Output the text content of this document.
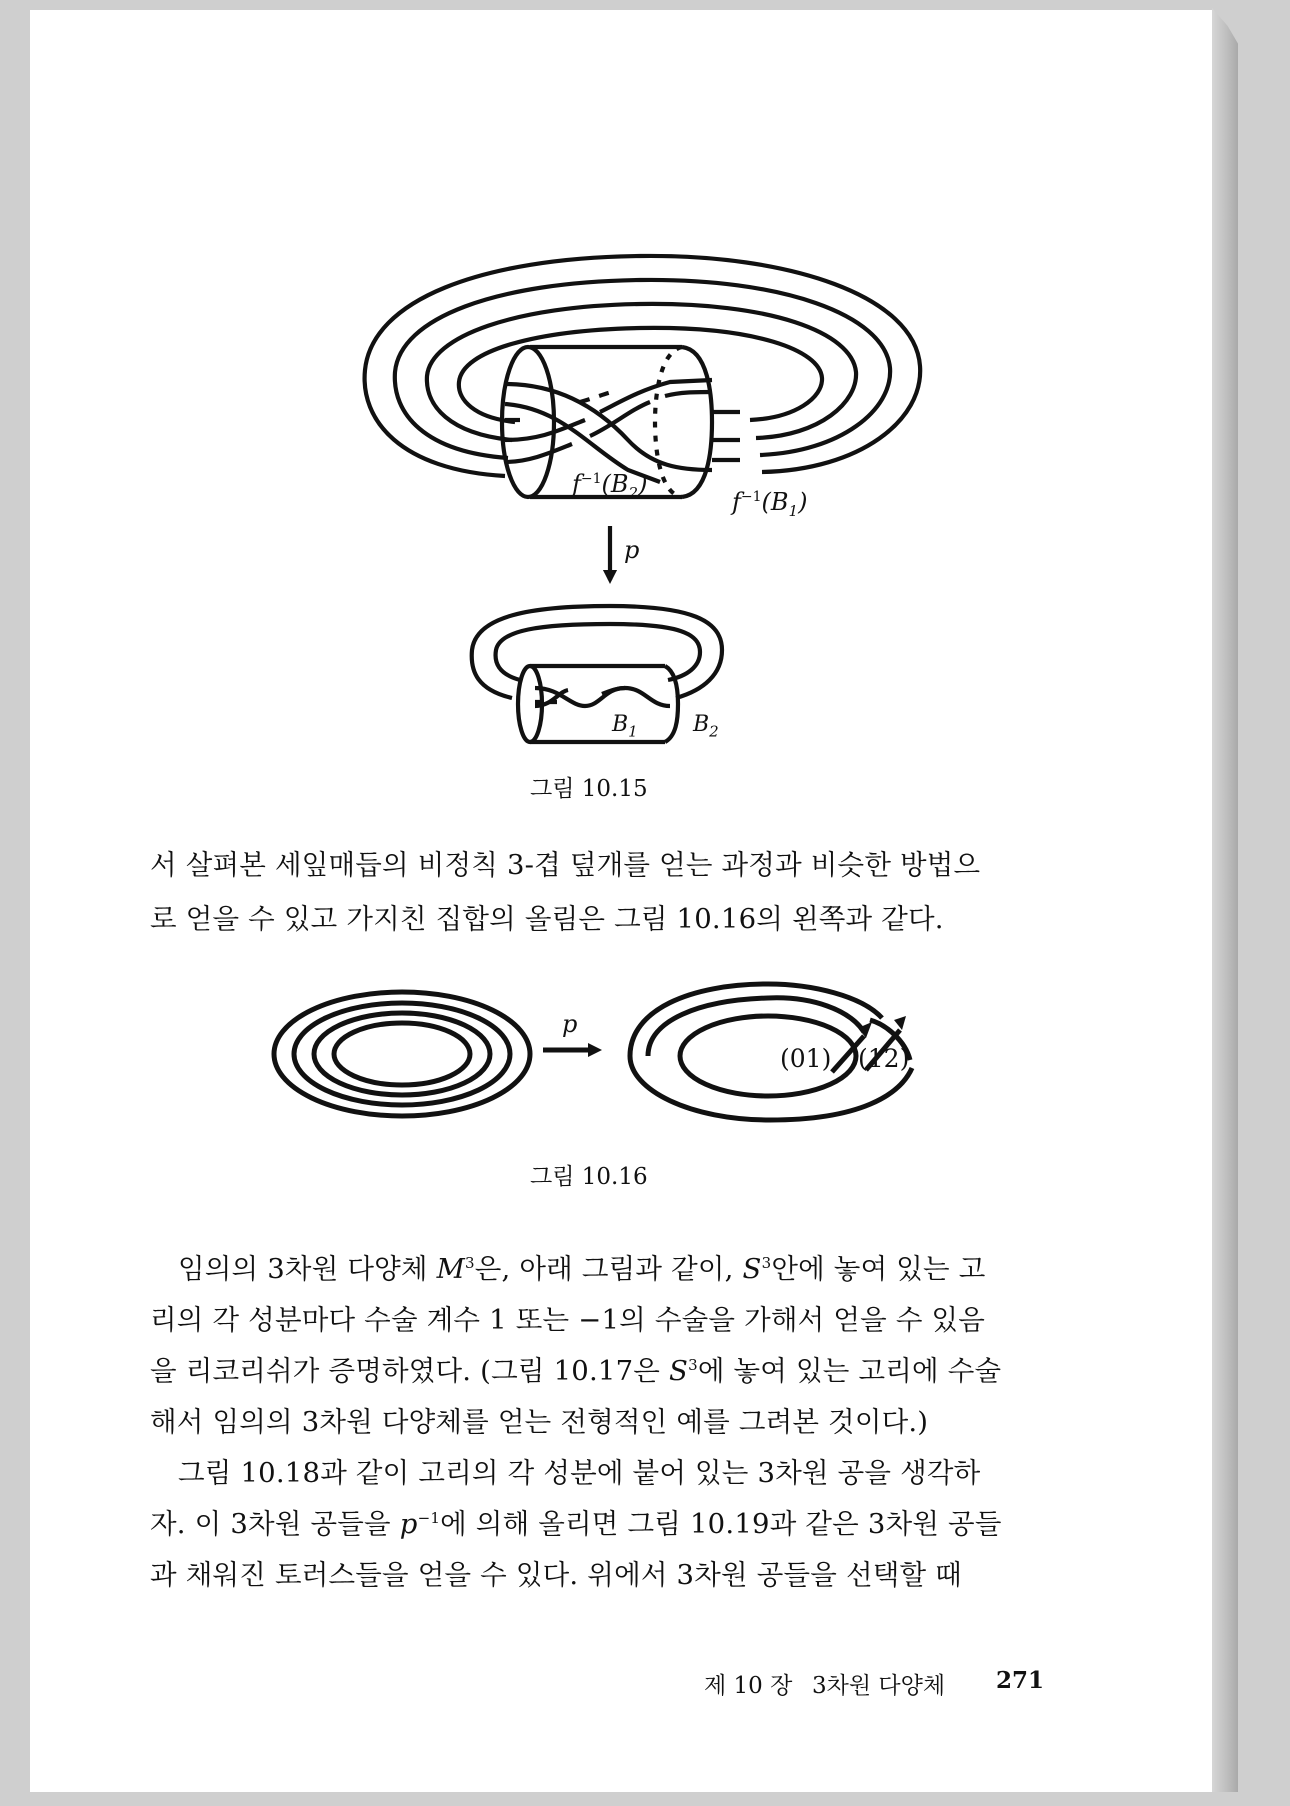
$f^{-1}(B_2)$
$f^{-1}(B_1)$
p
$B_1$	$B_2$
p
(01) (12)
그림 10.15
서 살펴본 세잎매듭의 비정칙 3-겹 덮개를 얻는 과정과 비슷한 방법으
로 얻을 수 있고 가지친 집합의 올림은 그림 10.16의 왼쪽과 같다.
그림 10.16
임의의 3차원 다양체 $M^3$은, 아래 그림과 같이, $S^3$안에 놓여 있는 고
리의 각 성분마다 수술 계수 1 또는 −1의 수술을 가해서 얻을 수 있음
을 리코리쉬가 증명하였다. (그림 10.17은 $S^3$에 놓여 있는 고리에 수술
해서 임의의 3차원 다양체를 얻는 전형적인 예를 그려본 것이다.)
그림 10.18과 같이 고리의 각 성분에 붙어 있는 3차원 공을 생각하
자. 이 3차원 공들을 $p^{-1}$에 의해 올리면 그림 10.19과 같은 3차원 공들
과 채워진 토러스들을 얻을 수 있다. 위에서 3차원 공들을 선택할 때
제 10 장 3차원 다양체 271
